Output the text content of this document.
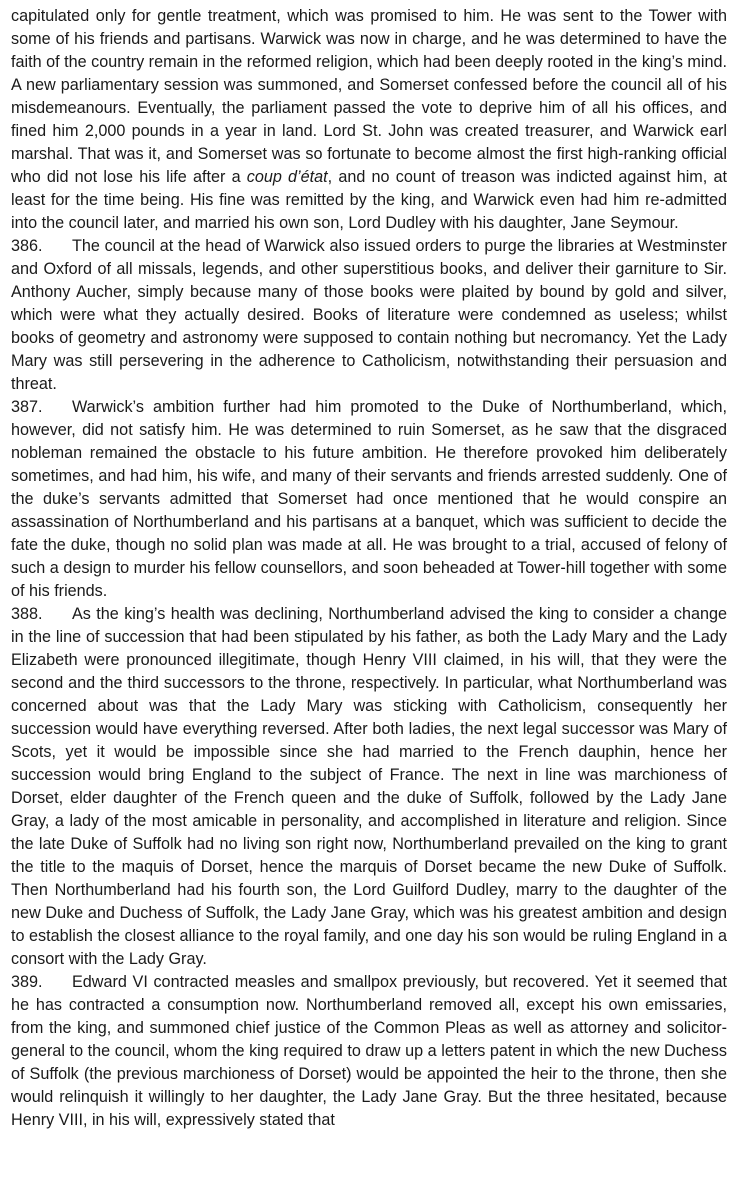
capitulated only for gentle treatment, which was promised to him. He was sent to the Tower with some of his friends and partisans. Warwick was now in charge, and he was determined to have the faith of the country remain in the reformed religion, which had been deeply rooted in the king’s mind. A new parliamentary session was summoned, and Somerset confessed before the council all of his misdemeanours. Eventually, the parliament passed the vote to deprive him of all his offices, and fined him 2,000 pounds in a year in land. Lord St. John was created treasurer, and Warwick earl marshal. That was it, and Somerset was so fortunate to become almost the first high-ranking official who did not lose his life after a coup d’état, and no count of treason was indicted against him, at least for the time being. His fine was remitted by the king, and Warwick even had him re-admitted into the council later, and married his own son, Lord Dudley with his daughter, Jane Seymour.

386. The council at the head of Warwick also issued orders to purge the libraries at Westminster and Oxford of all missals, legends, and other superstitious books, and deliver their garniture to Sir. Anthony Aucher, simply because many of those books were plaited by bound by gold and silver, which were what they actually desired. Books of literature were condemned as useless; whilst books of geometry and astronomy were supposed to contain nothing but necromancy. Yet the Lady Mary was still persevering in the adherence to Catholicism, notwithstanding their persuasion and threat.

387. Warwick’s ambition further had him promoted to the Duke of Northumberland, which, however, did not satisfy him. He was determined to ruin Somerset, as he saw that the disgraced nobleman remained the obstacle to his future ambition. He therefore provoked him deliberately sometimes, and had him, his wife, and many of their servants and friends arrested suddenly. One of the duke’s servants admitted that Somerset had once mentioned that he would conspire an assassination of Northumberland and his partisans at a banquet, which was sufficient to decide the fate the duke, though no solid plan was made at all. He was brought to a trial, accused of felony of such a design to murder his fellow counsellors, and soon beheaded at Tower-hill together with some of his friends.

388. As the king’s health was declining, Northumberland advised the king to consider a change in the line of succession that had been stipulated by his father, as both the Lady Mary and the Lady Elizabeth were pronounced illegitimate, though Henry VIII claimed, in his will, that they were the second and the third successors to the throne, respectively. In particular, what Northumberland was concerned about was that the Lady Mary was sticking with Catholicism, consequently her succession would have everything reversed. After both ladies, the next legal successor was Mary of Scots, yet it would be impossible since she had married to the French dauphin, hence her succession would bring England to the subject of France. The next in line was marchioness of Dorset, elder daughter of the French queen and the duke of Suffolk, followed by the Lady Jane Gray, a lady of the most amicable in personality, and accomplished in literature and religion. Since the late Duke of Suffolk had no living son right now, Northumberland prevailed on the king to grant the title to the maquis of Dorset, hence the marquis of Dorset became the new Duke of Suffolk. Then Northumberland had his fourth son, the Lord Guilford Dudley, marry to the daughter of the new Duke and Duchess of Suffolk, the Lady Jane Gray, which was his greatest ambition and design to establish the closest alliance to the royal family, and one day his son would be ruling England in a consort with the Lady Gray.

389. Edward VI contracted measles and smallpox previously, but recovered. Yet it seemed that he has contracted a consumption now. Northumberland removed all, except his own emissaries, from the king, and summoned chief justice of the Common Pleas as well as attorney and solicitor-general to the council, whom the king required to draw up a letters patent in which the new Duchess of Suffolk (the previous marchioness of Dorset) would be appointed the heir to the throne, then she would relinquish it willingly to her daughter, the Lady Jane Gray. But the three hesitated, because Henry VIII, in his will, expressively stated that
